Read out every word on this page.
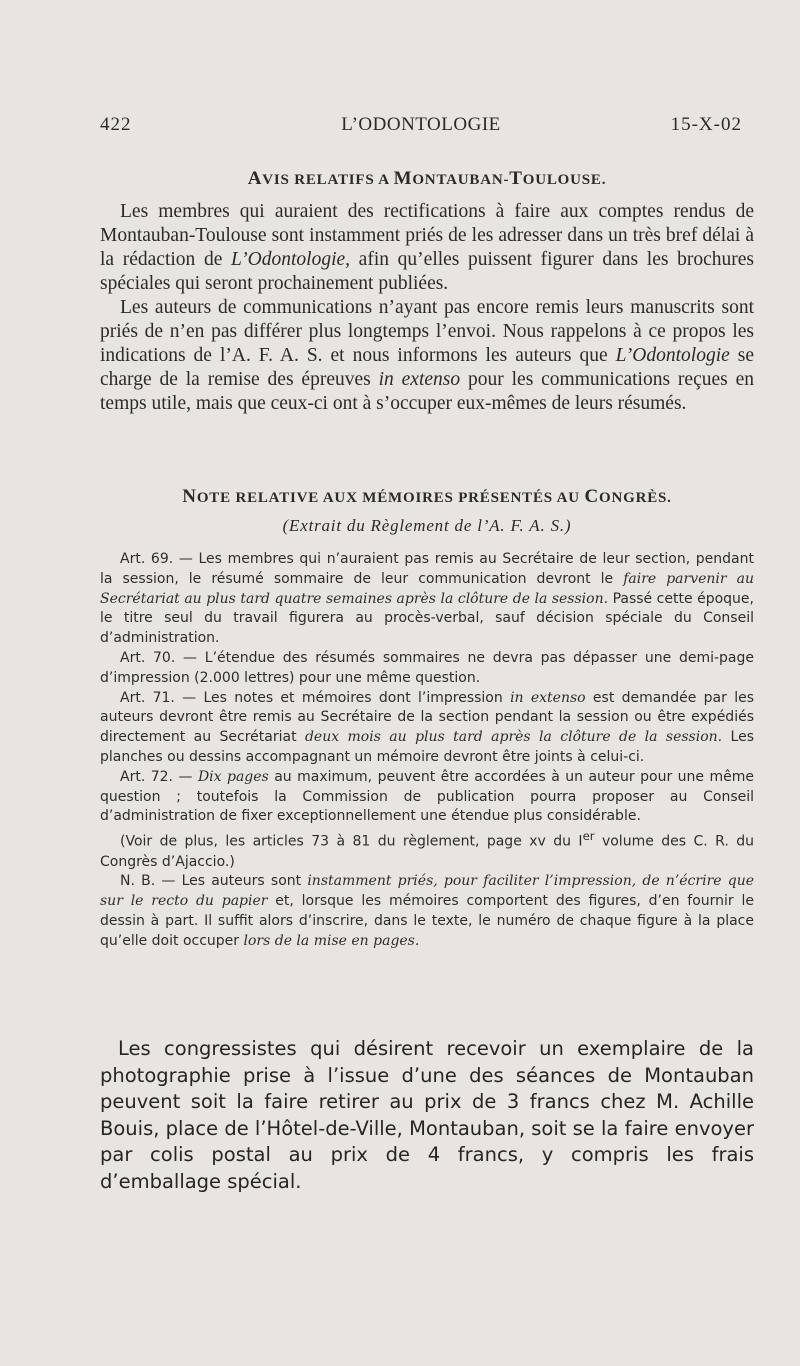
422	L’ODONTOLOGIE	15-X-02
AVIS RELATIFS A MONTAUBAN-TOULOUSE.

Les membres qui auraient des rectifications à faire aux comptes rendus de Montauban-Toulouse sont instamment priés de les adresser dans un très bref délai à la rédaction de L’Odontologie, afin qu’elles puissent figurer dans les brochures spéciales qui seront prochainement publiées.

Les auteurs de communications n’ayant pas encore remis leurs manuscrits sont priés de n’en pas différer plus longtemps l’envoi. Nous rappelons à ce propos les indications de l’A. F. A. S. et nous informons les auteurs que L’Odontologie se charge de la remise des épreuves in extenso pour les communications reçues en temps utile, mais que ceux-ci ont à s’occuper eux-mêmes de leurs résumés.

NOTE RELATIVE AUX MÉMOIRES PRÉSENTÉS AU CONGRÈS.
(Extrait du Règlement de l’A. F. A. S.)

Art. 69. — Les membres qui n’auraient pas remis au Secrétaire de leur section, pendant la session, le résumé sommaire de leur communication devront le faire parvenir au Secrétariat au plus tard quatre semaines après la clôture de la session. Passé cette époque, le titre seul du travail figurera au procès-verbal, sauf décision spéciale du Conseil d’administration.

Art. 70. — L’étendue des résumés sommaires ne devra pas dépasser une demi-page d’impression (2.000 lettres) pour une même question.

Art. 71. — Les notes et mémoires dont l’impression in extenso est demandée par les auteurs devront être remis au Secrétaire de la section pendant la session ou être expédiés directement au Secrétariat deux mois au plus tard après la clôture de la session. Les planches ou dessins accompagnant un mémoire devront être joints à celui-ci.

Art. 72. — Dix pages au maximum, peuvent être accordées à un auteur pour une même question ; toutefois la Commission de publication pourra proposer au Conseil d’administration de fixer exceptionnellement une étendue plus considérable.

(Voir de plus, les articles 73 à 81 du règlement, page xv du Ier volume des C. R. du Congrès d’Ajaccio.)

N. B. — Les auteurs sont instamment priés, pour faciliter l’impression, de n’écrire que sur le recto du papier et, lorsque les mémoires comportent des figures, d’en fournir le dessin à part. Il suffit alors d’inscrire, dans le texte, le numéro de chaque figure à la place qu’elle doit occuper lors de la mise en pages.

Les congressistes qui désirent recevoir un exemplaire de la photographie prise à l’issue d’une des séances de Montauban peuvent soit la faire retirer au prix de 3 francs chez M. Achille Bouis, place de l’Hôtel-de-Ville, Montauban, soit se la faire envoyer par colis postal au prix de 4 francs, y compris les frais d’emballage spécial.
